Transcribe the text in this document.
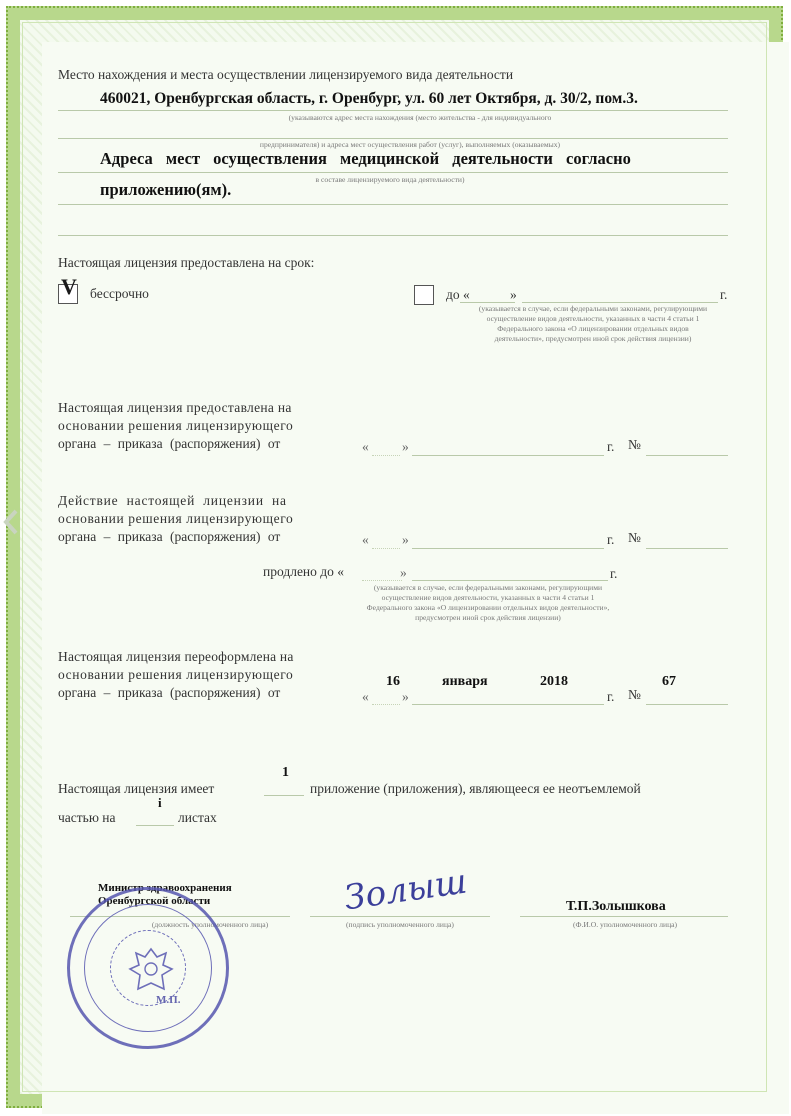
Место нахождения и места осуществлении лицензируемого вида деятельности
460021, Оренбургская область, г. Оренбург, ул. 60 лет Октября, д. 30/2, пом.3.
(указываются адрес места нахождения (место жительства - для индивидуального
предпринимателя) и адреса мест осуществления работ (услуг), выполняемых (оказываемых)
Адреса мест осуществления медицинской деятельности согласно
в составе лицензируемого вида деятельности)
приложению(ям).
Настоящая лицензия предоставлена на срок:
V бессрочно	до «	»	г.
(указывается в случае, если федеральными законами, регулирующими осуществление видов деятельности, указанных в части 4 статьи 1 Федерального закона «О лицензировании отдельных видов деятельности», предусмотрен иной срок действия лицензии)
Настоящая лицензия предоставлена на
основании решения лицензирующего
органа – приказа (распоряжения) от	« »	г. №
Действие настоящей лицензии на
основании решения лицензирующего
органа – приказа (распоряжения) от	« »	г. №
продлено до «	»	г.
(указывается в случае, если федеральными законами, регулирующими осуществление видов деятельности, указанных в части 4 статьи 1 Федерального закона «О лицензировании отдельных видов деятельности», предусмотрен иной срок действия лицензии)
Настоящая лицензия переоформлена на
основании решения лицензирующего
органа – приказа (распоряжения) от	«
16
»
января	2018
г. №
67
Настоящая лицензия имеет
1
приложение (приложения), являющееся ее неотъемлемой
частью на
i
листах
Министр здравоохранения
Оренбургской области
(должность уполномоченного лица)
Золыш
(подпись уполномоченного лица)
Т.П.Золышкова
(Ф.И.О. уполномоченного лица)
М.П.
